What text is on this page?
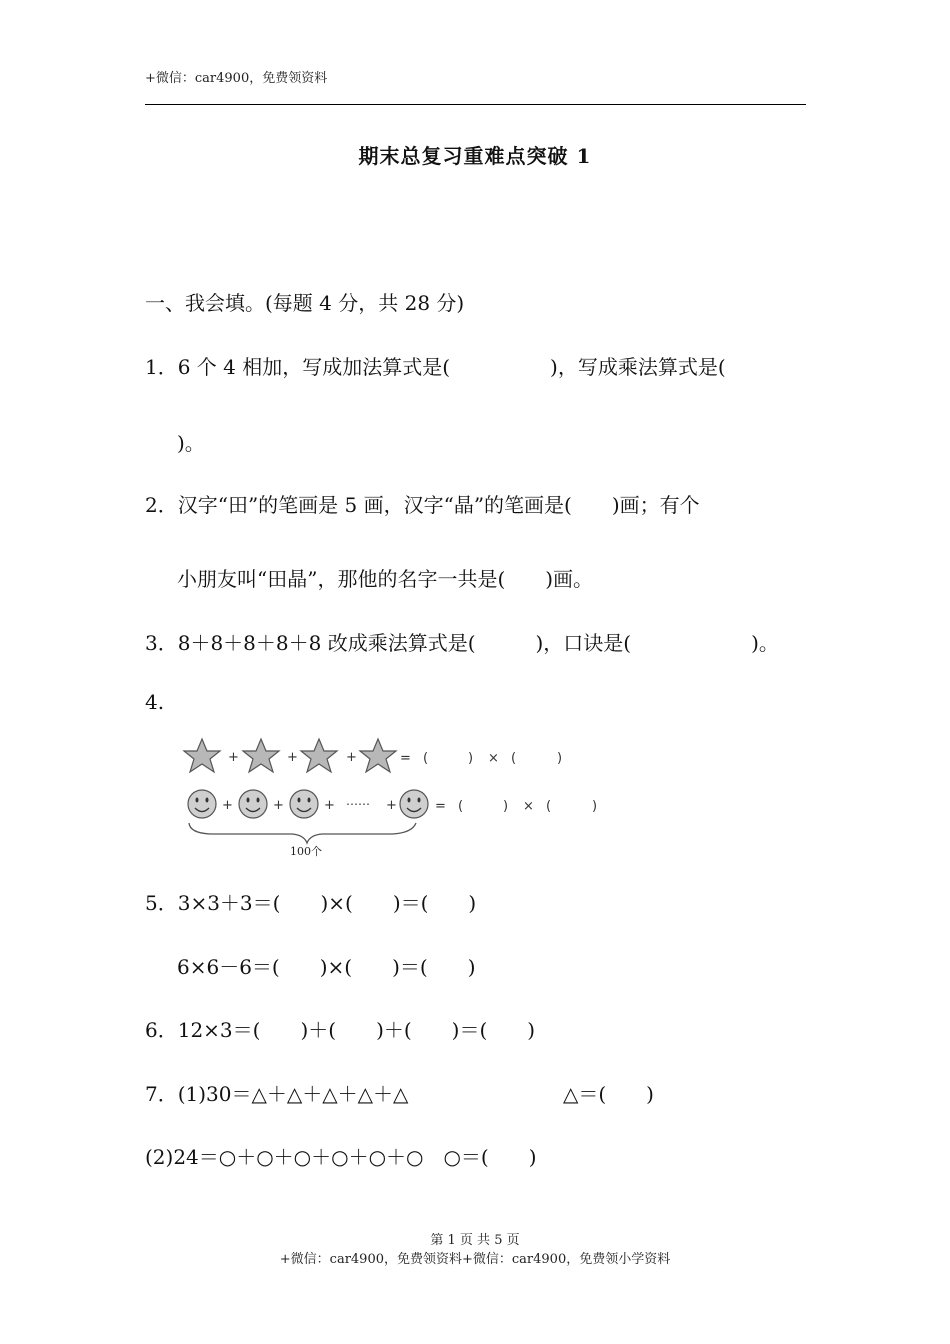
+微信：car4900，免费领资料
期末总复习重难点突破 1
一、我会填。(每题 4 分，共 28 分)
1．6 个 4 相加，写成加法算式是(　　　　　)，写成乘法算式是(
)。
2．汉字“田”的笔画是 5 画，汉字“晶”的笔画是(　　)画；有个
小朋友叫“田晶”，那他的名字一共是(　　)画。
3．8＋8＋8＋8＋8 改成乘法算式是(　　　)，口诀是(　　　　　　)。
4.
+	+	+	= (	) × (	)
+	+	+ …… +	= (	) × (	)
100个
5．3×3＋3＝(　　)×(　　)＝(　　)
6×6－6＝(　　)×(　　)＝(　　)
6．12×3＝(　　)＋(　　)＋(　　)＝(　　)
7．(1)30＝△＋△＋△＋△＋△	△＝(　　)
(2)24＝○＋○＋○＋○＋○＋○　○＝(　　)
第 1 页 共 5 页
+微信：car4900，免费领资料+微信：car4900，免费领小学资料
